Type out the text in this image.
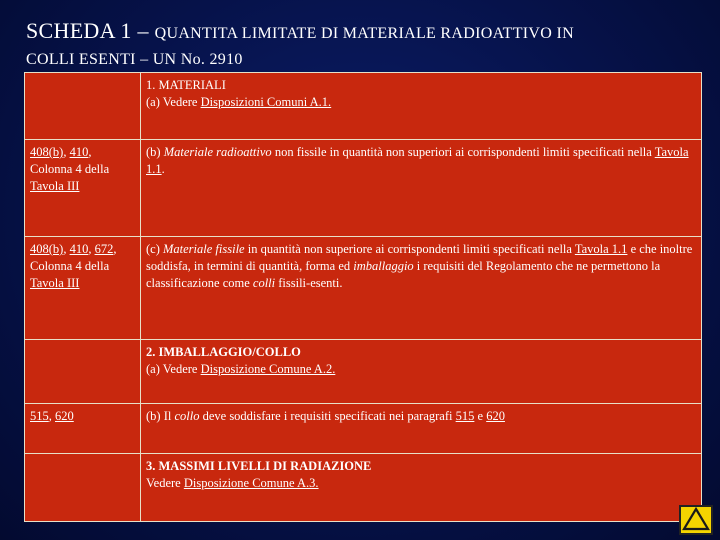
SCHEDA 1 – QUANTITA LIMITATE DI MATERIALE RADIOATTIVO IN
COLLI ESENTI – UN No. 2910

	1. MATERIALI
(a) Vedere Disposizioni Comuni A.1.
408(b), 410, Colonna 4 della Tavola III	(b) Materiale radioattivo non fissile in quantità non superiori ai corrispondenti limiti specificati nella Tavola 1.1.
408(b), 410, 672, Colonna 4 della Tavola III	(c) Materiale fissile in quantità non superiore ai corrispondenti limiti specificati nella Tavola 1.1 e che inoltre soddisfa, in termini di quantità, forma ed imballaggio i requisiti del Regolamento che ne permettono la classificazione come colli fissili-esenti.

	2. IMBALLAGGIO/COLLO
(a) Vedere Disposizione Comune A.2.
515, 620	(b) Il collo deve soddisfare i requisiti specificati nei paragrafi 515 e 620

	3. MASSIMI LIVELLI DI RADIAZIONE
Vedere Disposizione Comune A.3.
